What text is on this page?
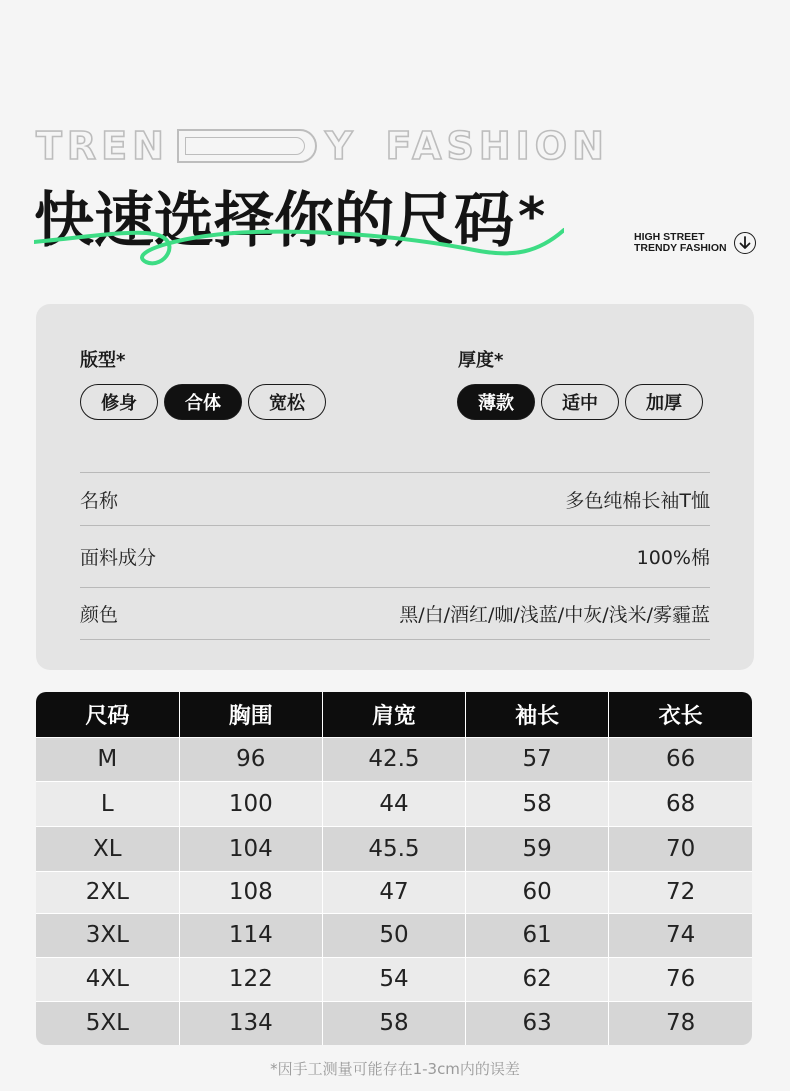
TREN	Y FASHION
快速选择你的尺码*	HIGH STREET
TRENDY FASHION
版型*
修身	合体	宽松
厚度*
薄款	适中	加厚
名称	多色纯棉长袖T恤
面料成分	100%棉
颜色	黑/白/酒红/咖/浅蓝/中灰/浅米/雾霾蓝
尺码	胸围	肩宽	袖长	衣长
M	96	42.5	57	66
L	100	44	58	68
XL	104	45.5	59	70
2XL	108	47	60	72
3XL	114	50	61	74
4XL	122	54	62	76
5XL	134	58	63	78
*因手工测量可能存在1-3cm内的误差
